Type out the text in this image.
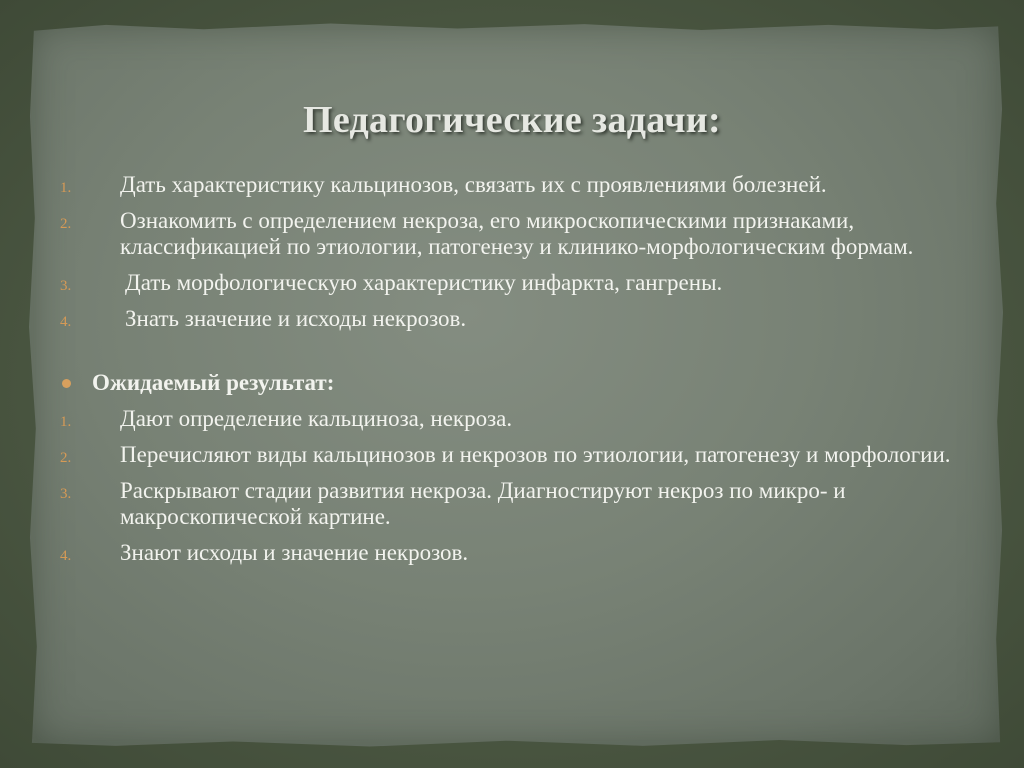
Педагогические задачи:
1. Дать характеристику кальцинозов, связать их с проявлениями болезней.
2. Ознакомить с определением некроза, его микроскопическими признаками, классификацией по этиологии, патогенезу и клинико-морфологическим формам.
3. Дать морфологическую характеристику инфаркта, гангрены.
4. Знать значение и исходы некрозов.
Ожидаемый результат:
1. Дают определение кальциноза, некроза.
2. Перечисляют виды кальцинозов и некрозов по этиологии, патогенезу и морфологии.
3. Раскрывают стадии развития некроза. Диагностируют некроз по микро- и макроскопической картине.
4. Знают исходы и значение некрозов.
